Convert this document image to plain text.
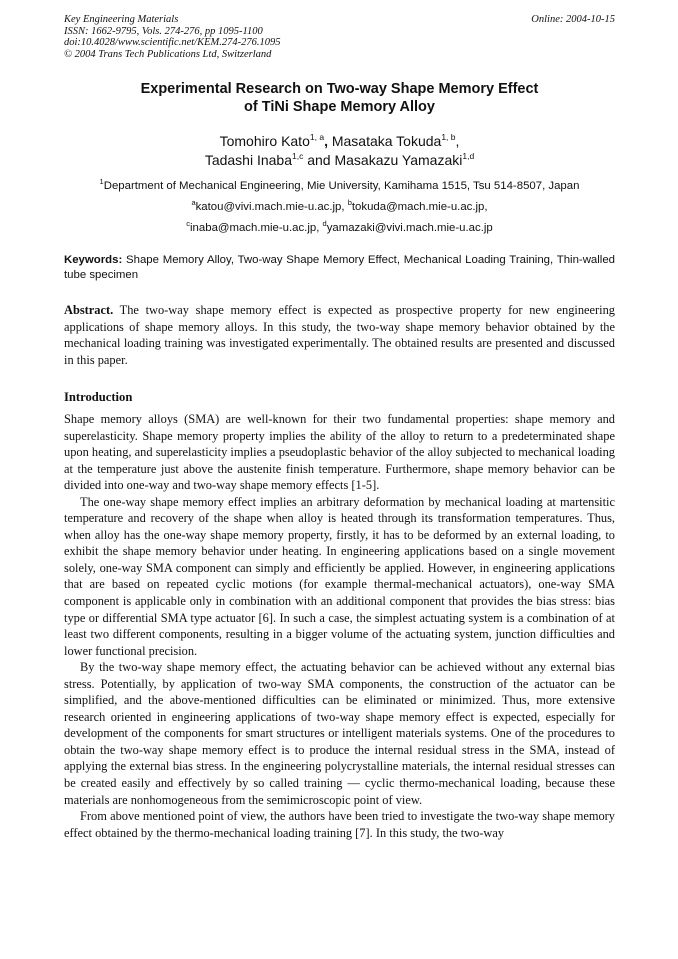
Key Engineering Materials
ISSN: 1662-9795, Vols. 274-276, pp 1095-1100
doi:10.4028/www.scientific.net/KEM.274-276.1095
© 2004 Trans Tech Publications Ltd, Switzerland
Online: 2004-10-15
Experimental Research on Two-way Shape Memory Effect
of TiNi Shape Memory Alloy
Tomohiro Kato$^{1, a}$, Masataka Tokuda$^{1, b}$,
Tadashi Inaba$^{1,c}$ and Masakazu Yamazaki$^{1,d}$
$^1$Department of Mechanical Engineering, Mie University, Kamihama 1515, Tsu 514-8507, Japan
$^a$katou@vivi.mach.mie-u.ac.jp, $^b$tokuda@mach.mie-u.ac.jp,
$^c$inaba@mach.mie-u.ac.jp, $^d$yamazaki@vivi.mach.mie-u.ac.jp
Keywords: Shape Memory Alloy, Two-way Shape Memory Effect, Mechanical Loading Training, Thin-walled tube specimen
Abstract. The two-way shape memory effect is expected as prospective property for new engineering applications of shape memory alloys. In this study, the two-way shape memory behavior obtained by the mechanical loading training was investigated experimentally. The obtained results are presented and discussed in this paper.
Introduction

Shape memory alloys (SMA) are well-known for their two fundamental properties: shape memory and superelasticity. Shape memory property implies the ability of the alloy to return to a predeterminated shape upon heating, and superelasticity implies a pseudoplastic behavior of the alloy subjected to mechanical loading at the temperature just above the austenite finish temperature. Furthermore, shape memory behavior can be divided into one-way and two-way shape memory effects [1-5].

The one-way shape memory effect implies an arbitrary deformation by mechanical loading at martensitic temperature and recovery of the shape when alloy is heated through its transformation temperatures. Thus, when alloy has the one-way shape memory property, firstly, it has to be deformed by an external loading, to exhibit the shape memory behavior under heating. In engineering applications based on a single movement solely, one-way SMA component can simply and efficiently be applied. However, in engineering applications that are based on repeated cyclic motions (for example thermal-mechanical actuators), one-way SMA component is applicable only in combination with an additional component that provides the bias stress: bias type or differential SMA type actuator [6]. In such a case, the simplest actuating system is a combination of at least two different components, resulting in a bigger volume of the actuating system, junction difficulties and lower functional precision.

By the two-way shape memory effect, the actuating behavior can be achieved without any external bias stress. Potentially, by application of two-way SMA components, the construction of the actuator can be simplified, and the above-mentioned difficulties can be eliminated or minimized. Thus, more extensive research oriented in engineering applications of two-way shape memory effect is expected, especially for development of the components for smart structures or intelligent materials systems. One of the procedures to obtain the two-way shape memory effect is to produce the internal residual stress in the SMA, instead of applying the external bias stress. In the engineering polycrystalline materials, the internal residual stresses can be created easily and effectively by so called training — cyclic thermo-mechanical loading, because these materials are nonhomogeneous from the semimicroscopic point of view.

From above mentioned point of view, the authors have been tried to investigate the two-way shape memory effect obtained by the thermo-mechanical loading training [7]. In this study, the two-way
